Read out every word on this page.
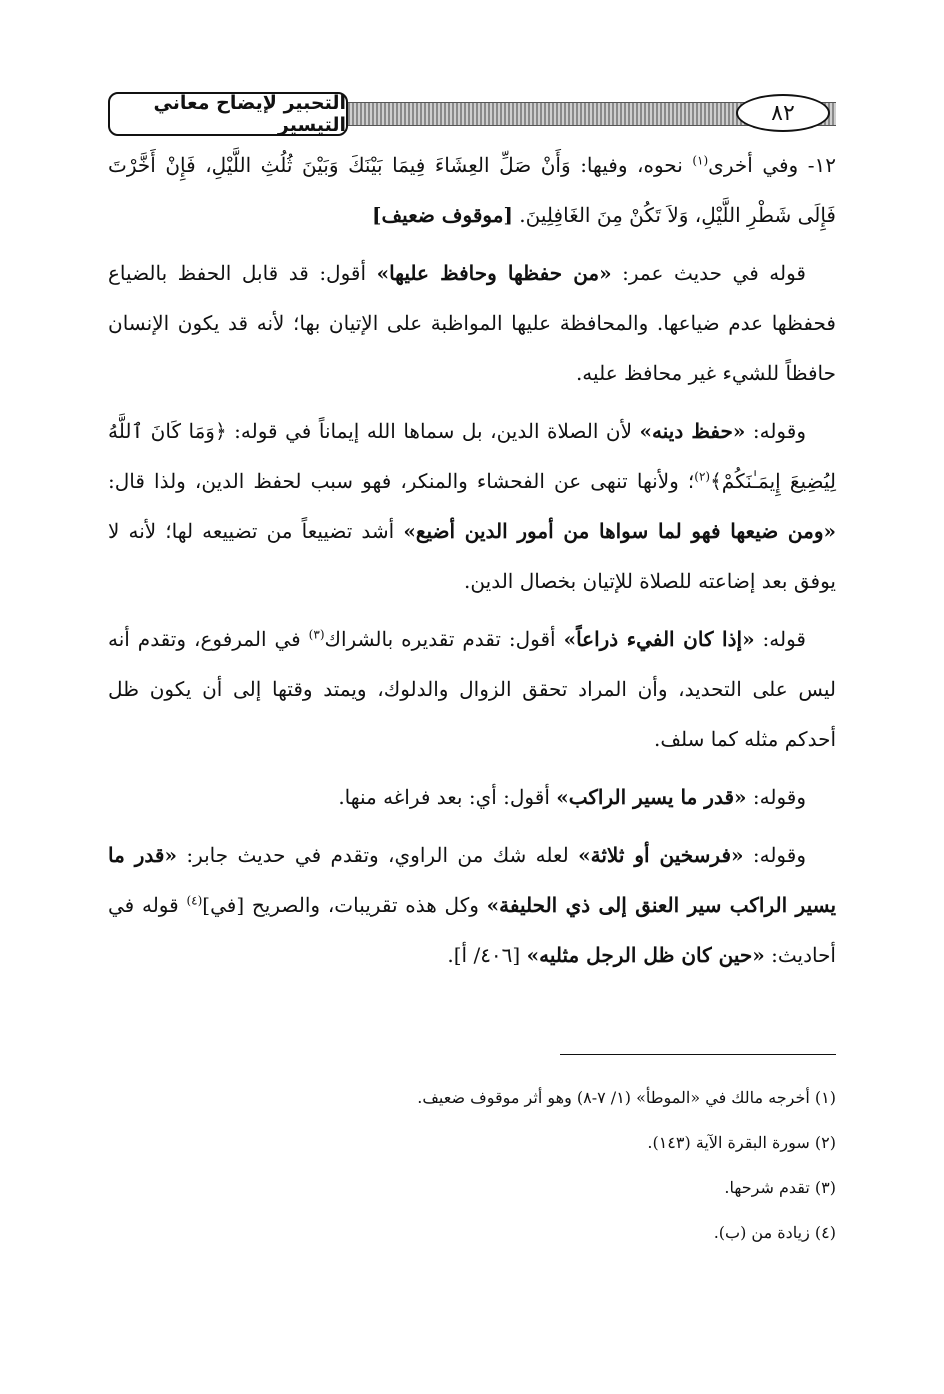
التحبير لإيضاح معاني التيسير	٨٢

١٢- وفي أخرى$^{(١)}$ نحوه، وفيها: وَأَنْ صَلِّ العِشَاءَ فِيمَا بَيْنَكَ وَبَيْنَ ثُلُثِ اللَّيْلِ، فَإِنْ أَخَّرْتَ فَإِلَى شَطْرِ اللَّيْلِ، وَلاَ تَكُنْ مِنَ الغَافِلِينَ. [موقوف ضعيف]

قوله في حديث عمر: «من حفظها وحافظ عليها» أقول: قد قابل الحفظ بالضياع فحفظها عدم ضياعها. والمحافظة عليها المواظبة على الإتيان بها؛ لأنه قد يكون الإنسان حافظاً للشيء غير محافظ عليه.

وقوله: «حفظ دينه» لأن الصلاة الدين، بل سماها الله إيماناً في قوله: ﴿وَمَا كَانَ ٱللَّهُ لِيُضِيعَ إِيمَـٰنَكُمْ﴾$^{(٢)}$؛ ولأنها تنهى عن الفحشاء والمنكر، فهو سبب لحفظ الدين، ولذا قال: «ومن ضيعها فهو لما سواها من أمور الدين أضيع» أشد تضييعاً من تضييعه لها؛ لأنه لا يوفق بعد إضاعته للصلاة للإتيان بخصال الدين.

قوله: «إذا كان الفيء ذراعاً» أقول: تقدم تقديره بالشراك$^{(٣)}$ في المرفوع، وتقدم أنه ليس على التحديد، وأن المراد تحقق الزوال والدلوك، ويمتد وقتها إلى أن يكون ظل أحدكم مثله كما سلف.

وقوله: «قدر ما يسير الراكب» أقول: أي: بعد فراغه منها.

وقوله: «فرسخين أو ثلاثة» لعله شك من الراوي، وتقدم في حديث جابر: «قدر ما يسير الراكب سير العنق إلى ذي الحليفة» وكل هذه تقريبات، والصريح [في]$^{(٤)}$ قوله في أحاديث: «حين كان ظل الرجل مثليه» [٤٠٦/ أ].

(١) أخرجه مالك في «الموطأ» (١/ ٧-٨) وهو أثر موقوف ضعيف.

(٢) سورة البقرة الآية (١٤٣).

(٣) تقدم شرحها.

(٤) زيادة من (ب).
